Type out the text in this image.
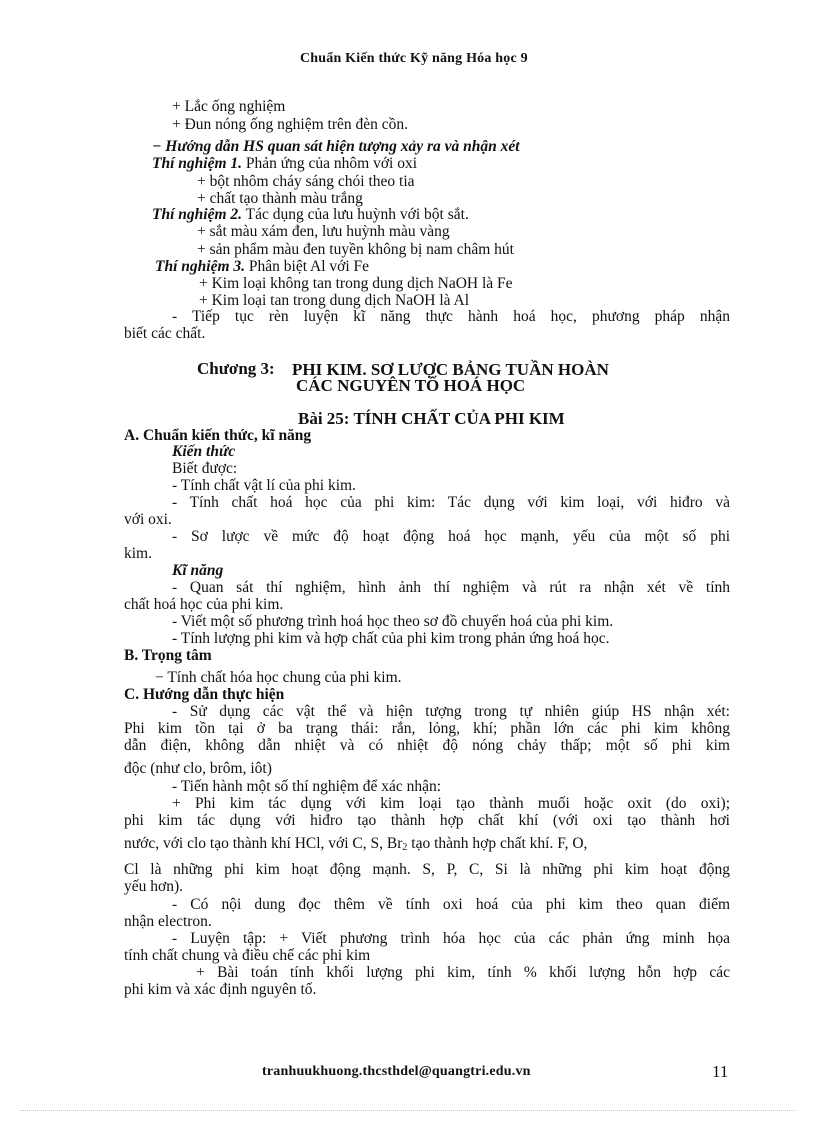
Chuẩn Kiến thức Kỹ năng Hóa học 9
+ Lắc ống nghiệm
+ Đun nóng ống nghiệm trên đèn cồn.
− Hướng dẫn HS quan sát hiện tượng xảy ra và nhận xét
Thí nghiệm 1. Phản ứng của nhôm với oxi
+ bột nhôm cháy sáng chói theo tia
+ chất tạo thành màu trắng
Thí nghiệm 2. Tác dụng của lưu huỳnh với bột sắt.
+ sắt màu xám đen, lưu huỳnh màu vàng
+ sản phẩm màu đen tuyền không bị nam châm hút
Thí nghiệm 3. Phân biệt Al với Fe
+ Kim loại không tan trong dung dịch NaOH là Fe
+ Kim loại tan trong dung dịch NaOH là Al
- Tiếp tục rèn luyện kĩ năng thực hành hoá học, phương pháp nhận
biết các chất.
Chương 3: PHI KIM. SƠ LƯỢC BẢNG TUẦN HOÀN
CÁC NGUYÊN TỐ HOÁ HỌC
Bài 25: TÍNH CHẤT CỦA PHI KIM
A. Chuẩn kiến thức, kĩ năng
Kiến thức
Biết được:
- Tính chất vật lí của phi kim.
- Tính chất hoá học của phi kim: Tác dụng với kim loại, với hiđro và
với oxi.
- Sơ lược về mức độ hoạt động hoá học mạnh, yếu của một số phi
kim.
Kĩ năng
- Quan sát thí nghiệm, hình ảnh thí nghiệm và rút ra nhận xét về tính
chất hoá học của phi kim.
- Viết một số phương trình hoá học theo sơ đồ chuyển hoá của phi kim.
- Tính lượng phi kim và hợp chất của phi kim trong phản ứng hoá học.
B. Trọng tâm
− Tính chất hóa học chung của phi kim.
C. Hướng dẫn thực hiện
- Sử dụng các vật thể và hiện tượng trong tự nhiên giúp HS nhận xét:
Phi kim tồn tại ở ba trạng thái: rắn, lỏng, khí; phần lớn các phi kim không
dẫn điện, không dẫn nhiệt và có nhiệt độ nóng chảy thấp; một số phi kim
độc (như clo, brôm, iôt)
- Tiến hành một số thí nghiệm để xác nhận:
+ Phi kim tác dụng với kim loại tạo thành muối hoặc oxit (do oxi);
phi kim tác dụng với hiđro tạo thành hợp chất khí (với oxi tạo thành hơi
nước, với clo tạo thành khí HCl, với C, S, $Br_2$ tạo thành hợp chất khí. F, O,
Cl là những phi kim hoạt động mạnh. S, P, C, Si là những phi kim hoạt động
yếu hơn).
- Có nội dung đọc thêm về tính oxi hoá của phi kim theo quan điểm
nhận electron.
- Luyện tập: + Viết phương trình hóa học của các phản ứng minh họa
tính chất chung và điều chế các phi kim
+ Bài toán tính khối lượng phi kim, tính % khối lượng hỗn hợp các
phi kim và xác định nguyên tố.
tranhuukhuong.thcsthdel@quangtri.edu.vn	11
